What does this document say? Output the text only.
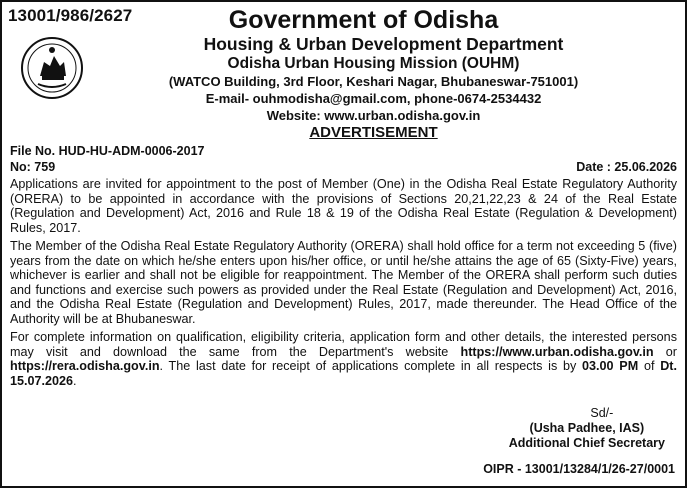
13001/986/2627	Government of Odisha
Housing & Urban Development Department
Odisha Urban Housing Mission (OUHM)
(WATCO Building, 3rd Floor, Keshari Nagar, Bhubaneswar-751001)
E-mail- ouhmodisha@gmail.com, phone-0674-2534432
Website: www.urban.odisha.gov.in
ADVERTISEMENT
File No. HUD-HU-ADM-0006-2017
No: 759	Date : 25.06.2026

Applications are invited for appointment to the post of Member (One) in the Odisha Real Estate Regulatory Authority (ORERA) to be appointed in accordance with the provisions of Sections 20,21,22,23 & 24 of the Real Estate (Regulation and Development) Act, 2016 and Rule 18 & 19 of the Odisha Real Estate (Regulation & Development) Rules, 2017.

The Member of the Odisha Real Estate Regulatory Authority (ORERA) shall hold office for a term not exceeding 5 (five) years from the date on which he/she enters upon his/her office, or until he/she attains the age of 65 (Sixty-Five) years, whichever is earlier and shall not be eligible for reappointment. The Member of the ORERA shall perform such duties and functions and exercise such powers as provided under the Real Estate (Regulation and Development) Act, 2016, and the Odisha Real Estate (Regulation and Development) Rules, 2017, made thereunder. The Head Office of the Authority will be at Bhubaneswar.

For complete information on qualification, eligibility criteria, application form and other details, the interested persons may visit and download the same from the Department's website https://www.urban.odisha.gov.in or https://rera.odisha.gov.in. The last date for receipt of applications complete in all respects is by 03.00 PM of Dt. 15.07.2026.

Sd/-
(Usha Padhee, IAS)
Additional Chief Secretary
OIPR - 13001/13284/1/26-27/0001
